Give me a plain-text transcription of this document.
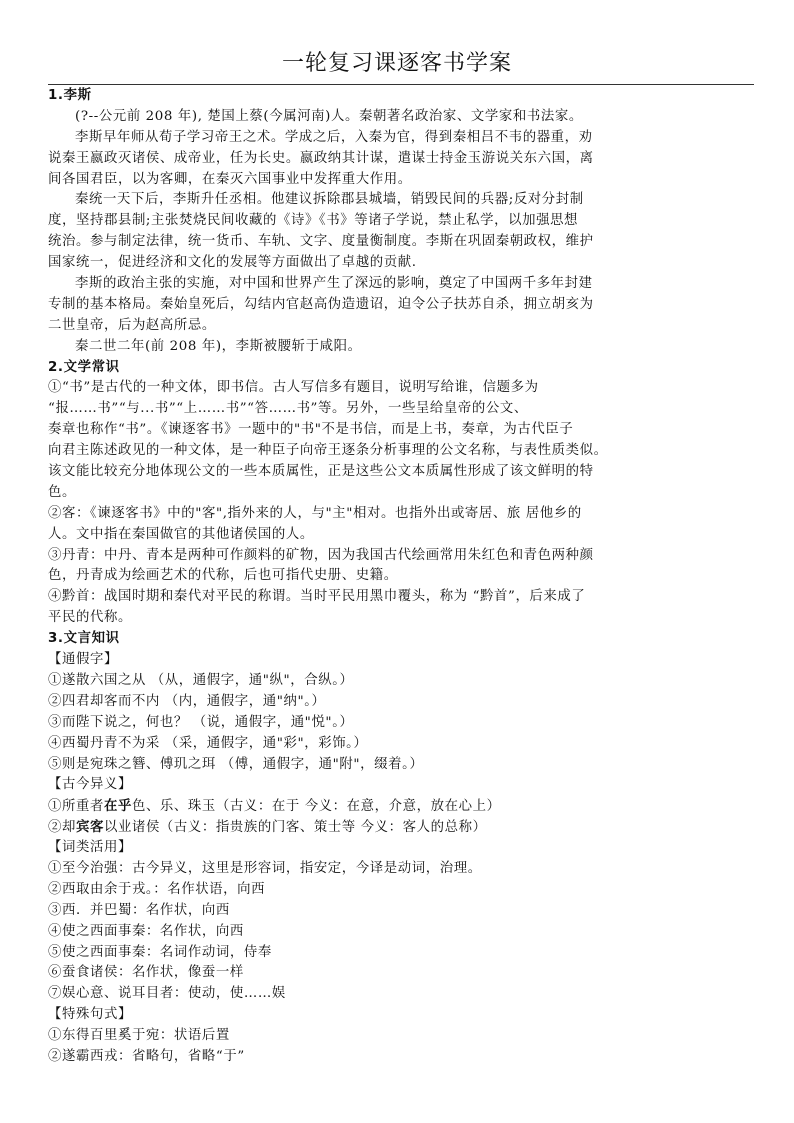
一轮复习课逐客书学案
1.李斯
(?--公元前 208 年), 楚国上蔡(今属河南)人。秦朝著名政治家、文学家和书法家。
李斯早年师从荀子学习帝王之术。学成之后，入秦为官，得到秦相吕不韦的器重，劝
说秦王嬴政灭诸侯、成帝业，任为长史。嬴政纳其计谋，遣谋士持金玉游说关东六国，离
间各国君臣，以为客卿，在秦灭六国事业中发挥重大作用。
秦统一天下后，李斯升任丞相。他建议拆除郡县城墙，销毁民间的兵器;反对分封制
度，坚持郡县制;主张焚烧民间收藏的《诗》《书》等诸子学说，禁止私学，以加强思想
统治。参与制定法律，统一货币、车轨、文字、度量衡制度。李斯在巩固秦朝政权，维护
国家统一，促进经济和文化的发展等方面做出了卓越的贡献.
李斯的政治主张的实施，对中国和世界产生了深远的影响，奠定了中国两千多年封建
专制的基本格局。秦始皇死后，勾结内官赵高伪造遗诏，迫令公子扶苏自杀，拥立胡亥为
二世皇帝，后为赵高所忌。
秦二世二年(前 208 年)，李斯被腰斩于咸阳。
2.文学常识
①“书”是古代的一种文体，即书信。古人写信多有题目，说明写给谁，信题多为
“报……书”“与...书”“上……书”“答……书”等。另外，一些呈给皇帝的公文、
奏章也称作“书”。《谏逐客书》一题中的"书"不是书信，而是上书，奏章，为古代臣子
向君主陈述政见的一种文体，是一种臣子向帝王逐条分析事理的公文名称，与表性质类似。
该文能比较充分地体现公文的一些本质属性，正是这些公文本质属性形成了该文鲜明的特
色。
②客：《谏逐客书》中的"客",指外来的人，与"主"相对。也指外出或寄居、旅 居他乡的
人。文中指在秦国做官的其他诸侯国的人。
③丹青：中丹、青本是两种可作颜料的矿物，因为我国古代绘画常用朱红色和青色两种颜
色，丹青成为绘画艺术的代称，后也可指代史册、史籍。
④黔首：战国时期和秦代对平民的称谓。当时平民用黑巾覆头，称为 “黔首”，后来成了
平民的代称。
3.文言知识
【通假字】
①遂散六国之从 （从，通假字，通"纵"，合纵。）
②四君却客而不内 （内，通假字，通"纳"。）
③而陛下说之，何也？ （说，通假字，通"悦"。）
④西蜀丹青不为采 （采，通假字，通"彩"，彩饰。）
⑤则是宛珠之簪、傅玑之珥 （傅，通假字，通"附"，缀着。）
【古今异义】
①所重者在乎色、乐、珠玉（古义：在于 今义：在意，介意，放在心上）
②却宾客以业诸侯（古义：指贵族的门客、策士等 今义：客人的总称）
【词类活用】
①至今治强：古今异义，这里是形容词，指安定，今译是动词，治理。
②西取由余于戎。：名作状语，向西
③西．并巴蜀：名作状，向西
④使之西面事秦：名作状，向西
⑤使之西面事秦：名词作动词，侍奉
⑥蚕食诸侯：名作状，像蚕一样
⑦娱心意、说耳目者：使动，使……娱
【特殊句式】
①东得百里奚于宛：状语后置
②遂霸西戎：省略句，省略“于”
